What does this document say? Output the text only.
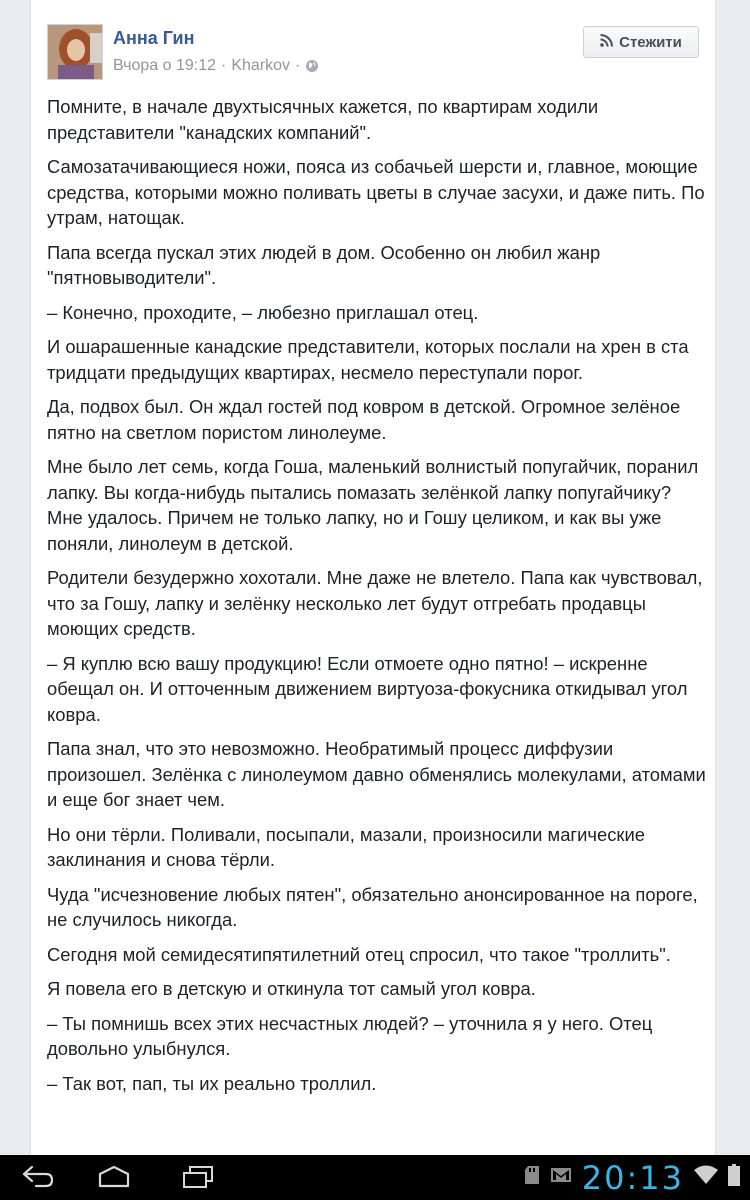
Анна Гин
Вчора о 19:12 · Kharkov ·
Стежити

Помните, в начале двухтысячных кажется, по квартирам ходили представители "канадских компаний".

Самозатачивающиеся ножи, пояса из собачьей шерсти и, главное, моющие средства, которыми можно поливать цветы в случае засухи, и даже пить. По утрам, натощак.

Папа всегда пускал этих людей в дом. Особенно он любил жанр "пятновыводители".

– Конечно, проходите, – любезно приглашал отец.

И ошарашенные канадские представители, которых послали на хрен в ста тридцати предыдущих квартирах, несмело переступали порог.

Да, подвох был. Он ждал гостей под ковром в детской. Огромное зелёное пятно на светлом пористом линолеуме.

Мне было лет семь, когда Гоша, маленький волнистый попугайчик, поранил лапку. Вы когда-нибудь пытались помазать зелёнкой лапку попугайчику? Мне удалось. Причем не только лапку, но и Гошу целиком, и как вы уже поняли, линолеум в детской.

Родители безудержно хохотали. Мне даже не влетело. Папа как чувствовал, что за Гошу, лапку и зелёнку несколько лет будут отгребать продавцы моющих средств.

– Я куплю всю вашу продукцию! Если отмоете одно пятно! – искренне обещал он. И отточенным движением виртуоза-фокусника откидывал угол ковра.

Папа знал, что это невозможно. Необратимый процесс диффузии произошел. Зелёнка с линолеумом давно обменялись молекулами, атомами и еще бог знает чем.

Но они тёрли. Поливали, посыпали, мазали, произносили магические заклинания и снова тёрли.

Чуда "исчезновение любых пятен", обязательно анонсированное на пороге, не случилось никогда.

Сегодня мой семидесятипятилетний отец спросил, что такое "троллить".

Я повела его в детскую и откинула тот самый угол ковра.

– Ты помнишь всех этих несчастных людей? – уточнила я у него. Отец довольно улыбнулся.

– Так вот, пап, ты их реально троллил.

20:13
